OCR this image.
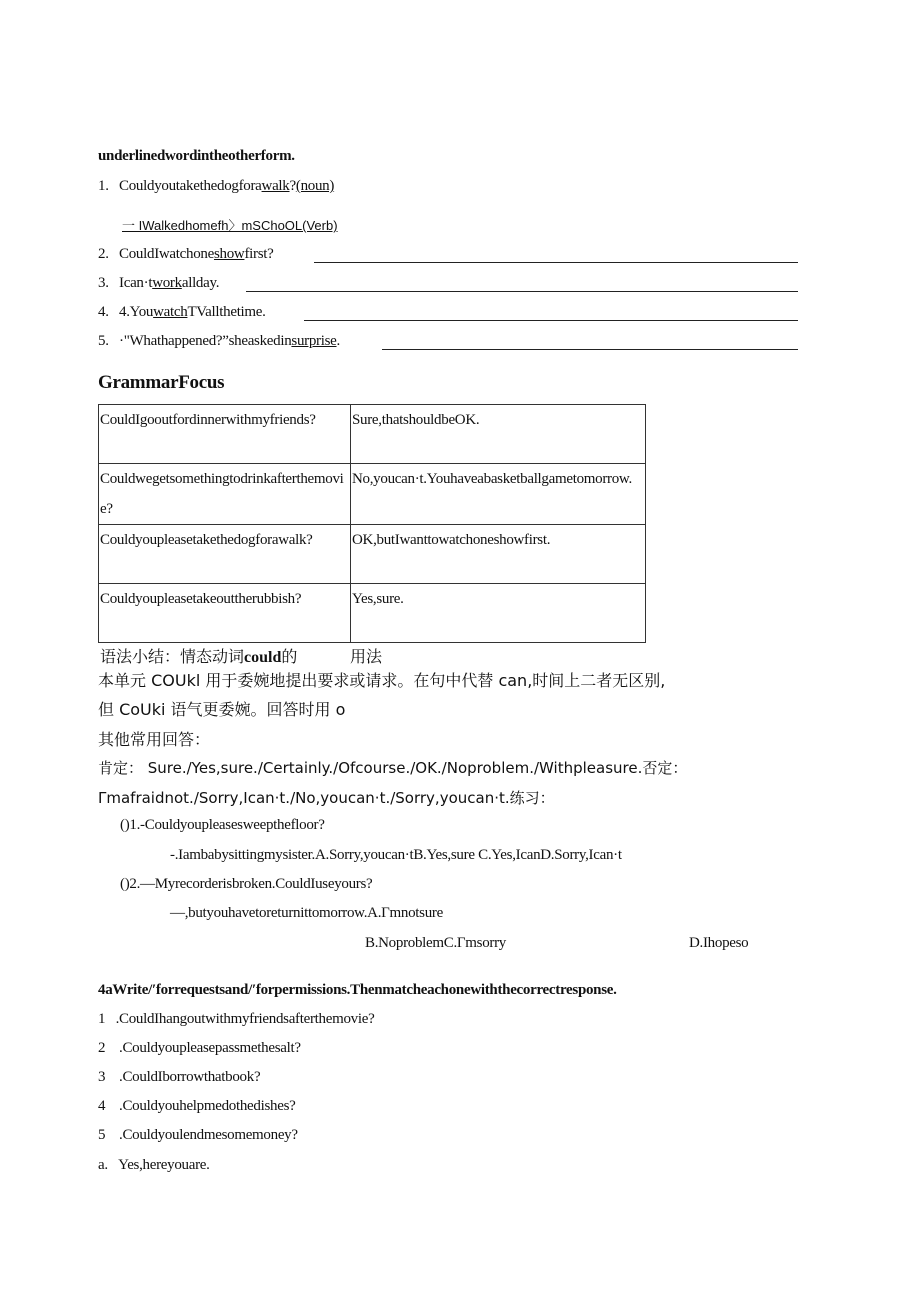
underlinedwordintheotherform.
1. Couldyoutakethedogforawalk?(noun)
一 IWalkedhomefh〉mSChoOL(Verb)
2. CouldIwatchoneshowfirst?
3. Ican·tworkallday.
4. 4.YouwatchTVallthetime.
5. ·"Whathappened?”sheaskedinsurprise.
GrammarFocus
CouldIgooutfordinnerwithmyfriends?	Sure,thatshouldbeOK.
Couldwegetsomethingtodrinkafterthemovie?	No,youcan·t.Youhaveabasketballgametomorrow.
Couldyoupleasetakethedogforawalk?	OK,butIwanttowatchoneshowfirst.
Couldyoupleasetakeouttherubbish?	Yes,sure.
语法小结：情态动词could的	用法
本单元 COUkl 用于委婉地提出要求或请求。在句中代替 can,时间上二者无区别,
但 CoUki 语气更委婉。回答时用 o
其他常用回答：
肯定： Sure./Yes,sure./Certainly./Ofcourse./OK./Noproblem./Withpleasure.否定：
Γmafraidnot./Sorry,Ican·t./No,youcan·t./Sorry,youcan·t.练习：
()1.-Couldyoupleasesweepthefloor?
-.Iambabysittingmysister.A.Sorry,youcan·tB.Yes,sure C.Yes,IcanD.Sorry,Ican·t
()2.—Myrecorderisbroken.CouldIuseyours?
—,butyouhavetoreturnittomorrow.A.Γmnotsure
B.NoproblemC.Γmsorry	D.Ihopeso
4aWrite/′forrequestsand/′forpermissions.Thenmatcheachonewiththecorrectresponse.
1 .CouldIhangoutwithmyfriendsafterthemovie?
2 .Couldyoupleasepassmethesalt?
3 .CouldIborrowthatbook?
4 .Couldyouhelpmedothedishes?
5 .Couldyoulendmesomemoney?
a. Yes,hereyouare.
